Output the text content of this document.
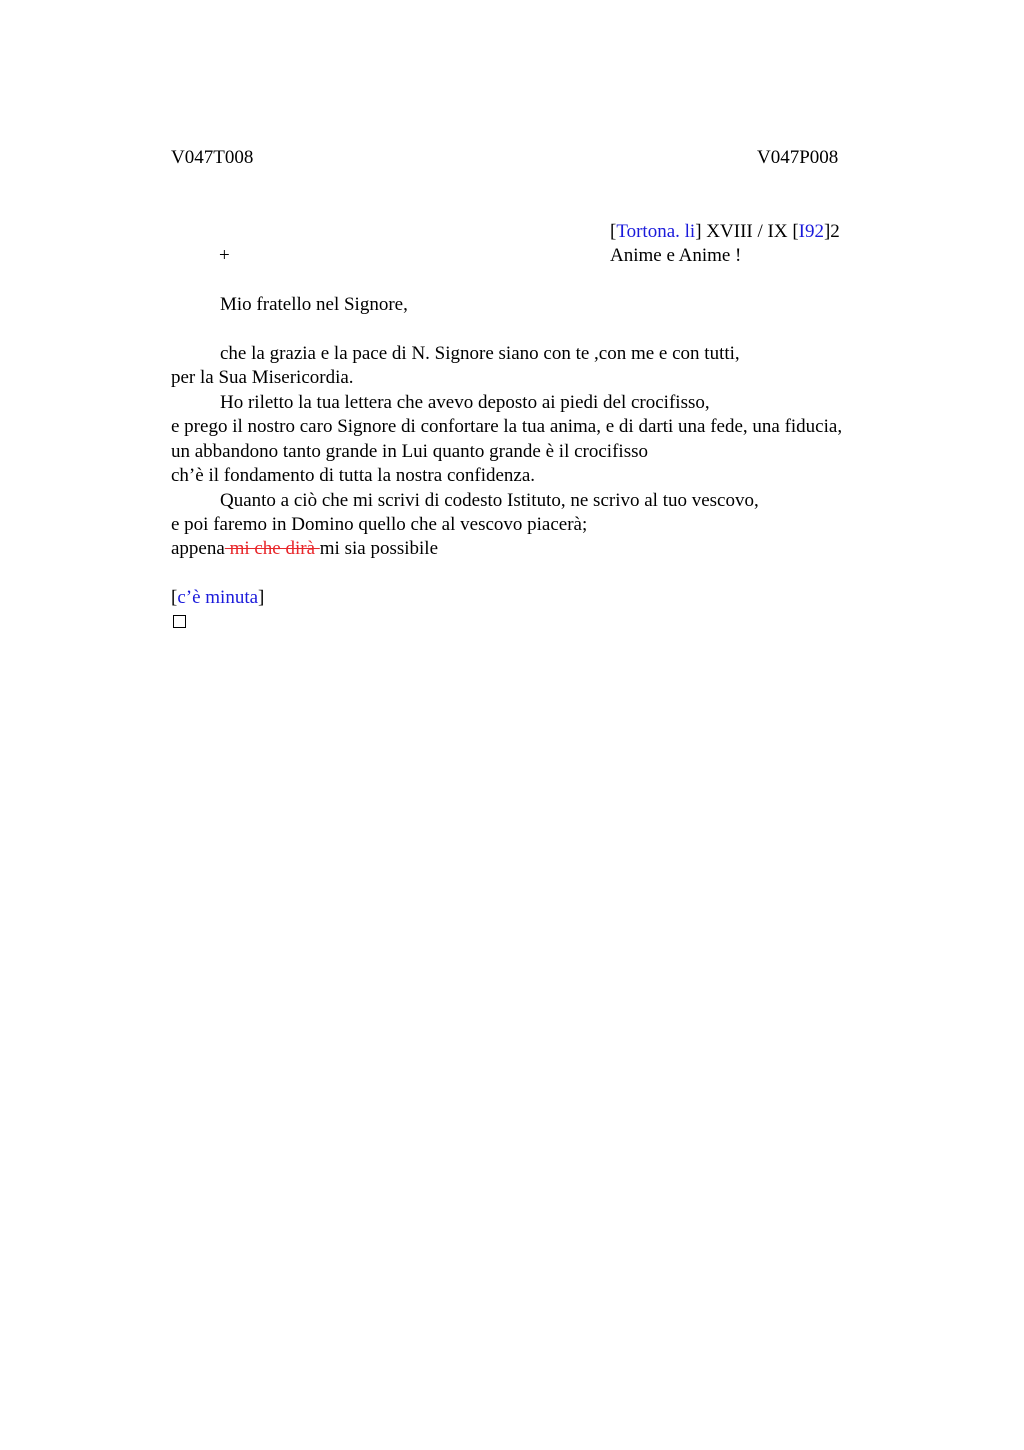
V047T008	V047P008
[Tortona. li] XVIII / IX [I92]2
+	Anime e Anime !
Mio fratello nel Signore,
che la grazia e la pace di N. Signore siano con te ,con me e con tutti,
per la Sua Misericordia.
Ho riletto la tua lettera che avevo deposto ai piedi del crocifisso,
e prego il nostro caro Signore di confortare la tua anima, e di darti una fede, una fiducia,
un abbandono tanto grande in Lui quanto grande è il crocifisso
ch’è il fondamento di tutta la nostra confidenza.
Quanto a ciò che mi scrivi di codesto Istituto, ne scrivo al tuo vescovo,
e poi faremo in Domino quello che al vescovo piacerà;
appena mi che dirà mi sia possibile
[c’è minuta]
